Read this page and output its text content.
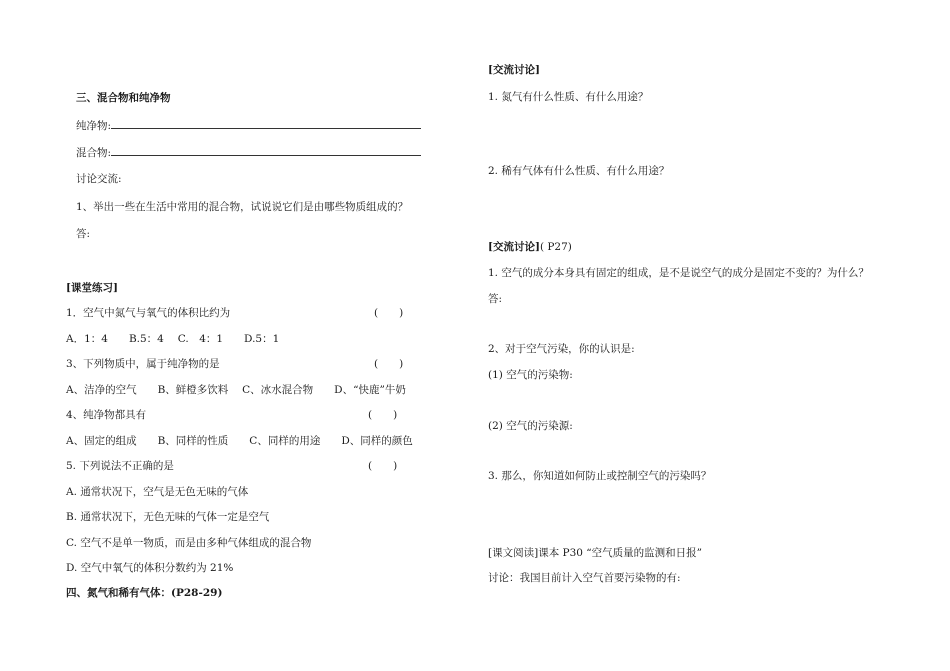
三、混合物和纯净物
纯净物:
混合物:
讨论交流:
1、举出一些在生活中常用的混合物，试说说它们是由哪些物质组成的？
答:
[课堂练习]
1．空气中氮气与氧气的体积比约为	(　　)
A．1：4　　B.5：4　 C.　4：1　　D.5：1
3、下列物质中，属于纯净物的是	(　　)
A、洁净的空气　　B、鲜橙多饮料　 C、冰水混合物　　D、“快鹿”牛奶
4、纯净物都具有	(　　)
A、固定的组成　　B、同样的性质　　C、同样的用途　　D、同样的颜色
5. 下列说法不正确的是	(　　)
A. 通常状况下，空气是无色无味的气体
B. 通常状况下，无色无味的气体一定是空气
C. 空气不是单一物质，而是由多种气体组成的混合物
D. 空气中氧气的体积分数约为 21%
四、氮气和稀有气体：(P28-29)
[交流讨论]
1. 氮气有什么性质、有什么用途？
2. 稀有气体有什么性质、有什么用途？
[交流讨论]( P27)
1. 空气的成分本身具有固定的组成，是不是说空气的成分是固定不变的？为什么？
答:
2、对于空气污染，你的认识是:
(1) 空气的污染物:
(2) 空气的污染源:
3. 那么，你知道如何防止或控制空气的污染吗？
[课文阅读]课本 P30 “空气质量的监测和日报”
讨论：我国目前计入空气首要污染物的有:
